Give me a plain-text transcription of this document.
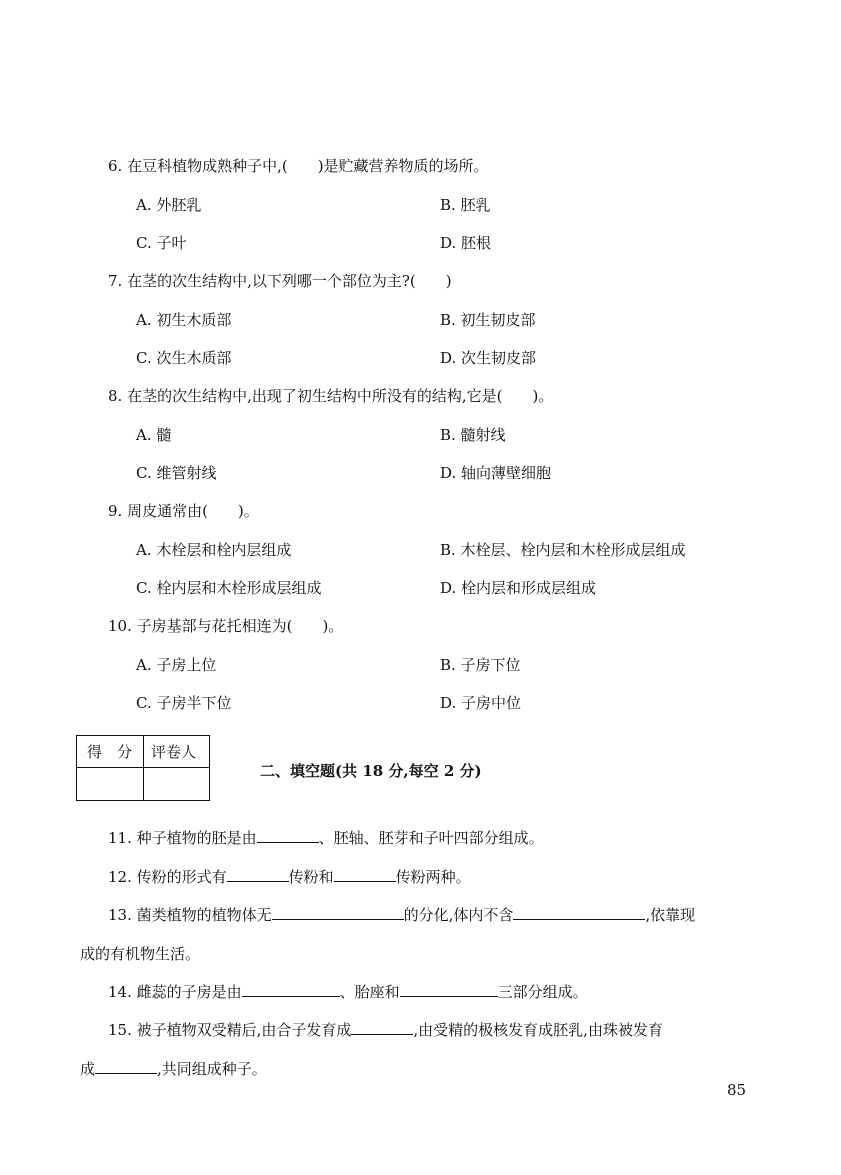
6. 在豆科植物成熟种子中,(　　)是贮藏营养物质的场所。
A. 外胚乳	B. 胚乳
C. 子叶	D. 胚根
7. 在茎的次生结构中,以下列哪一个部位为主?(　　)
A. 初生木质部	B. 初生韧皮部
C. 次生木质部	D. 次生韧皮部
8. 在茎的次生结构中,出现了初生结构中所没有的结构,它是(　　)。
A. 髓	B. 髓射线
C. 维管射线	D. 轴向薄壁细胞
9. 周皮通常由(　　)。
A. 木栓层和栓内层组成	B. 木栓层、栓内层和木栓形成层组成
C. 栓内层和木栓形成层组成	D. 栓内层和形成层组成
10. 子房基部与花托相连为(　　)。
A. 子房上位	B. 子房下位
C. 子房半下位	D. 子房中位
得　分 评卷人
二、填空题(共 18 分,每空 2 分)
11. 种子植物的胚是由	、胚轴、胚芽和子叶四部分组成。
12. 传粉的形式有	传粉和	传粉两种。
13. 菌类植物的植物体无	的分化,体内不含	,依靠现
成的有机物生活。
14. 雌蕊的子房是由	、胎座和	三部分组成。
15. 被子植物双受精后,由合子发育成	,由受精的极核发育成胚乳,由珠被发育
成	,共同组成种子。
85
